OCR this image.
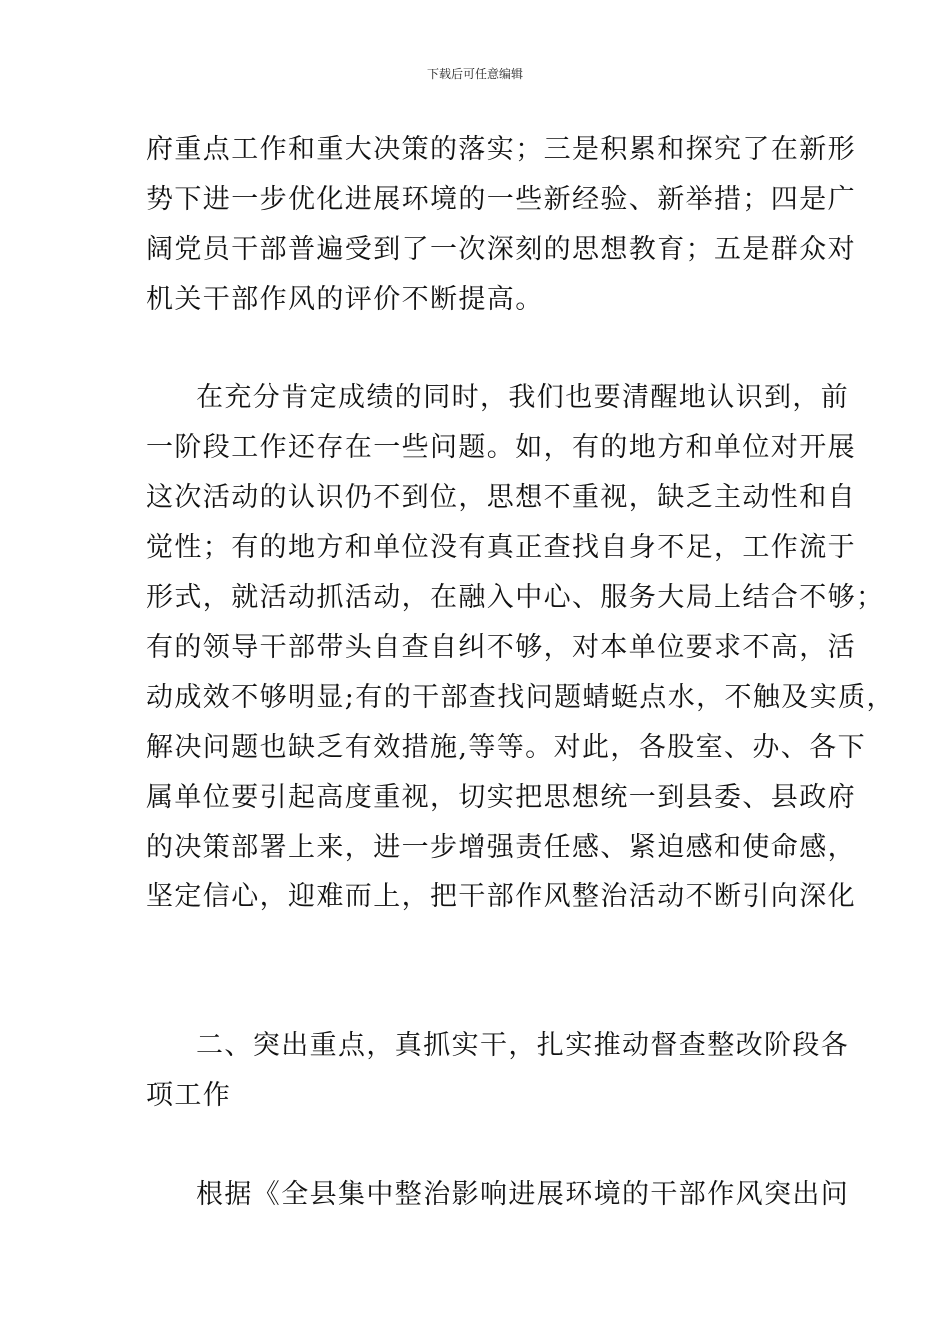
下载后可任意编辑
府重点工作和重大决策的落实；三是积累和探究了在新形
势下进一步优化进展环境的一些新经验、新举措；四是广
阔党员干部普遍受到了一次深刻的思想教育；五是群众对
机关干部作风的评价不断提高。
在充分肯定成绩的同时，我们也要清醒地认识到，前
一阶段工作还存在一些问题。如，有的地方和单位对开展
这次活动的认识仍不到位，思想不重视，缺乏主动性和自
觉性；有的地方和单位没有真正查找自身不足，工作流于
形式，就活动抓活动，在融入中心、服务大局上结合不够；
有的领导干部带头自查自纠不够，对本单位要求不高，活
动成效不够明显;有的干部查找问题蜻蜓点水，不触及实质，
解决问题也缺乏有效措施,等等。对此，各股室、办、各下
属单位要引起高度重视，切实把思想统一到县委、县政府
的决策部署上来，进一步增强责任感、紧迫感和使命感，
坚定信心，迎难而上，把干部作风整治活动不断引向深化
二、突出重点，真抓实干，扎实推动督查整改阶段各
项工作
根据《全县集中整治影响进展环境的干部作风突出问
